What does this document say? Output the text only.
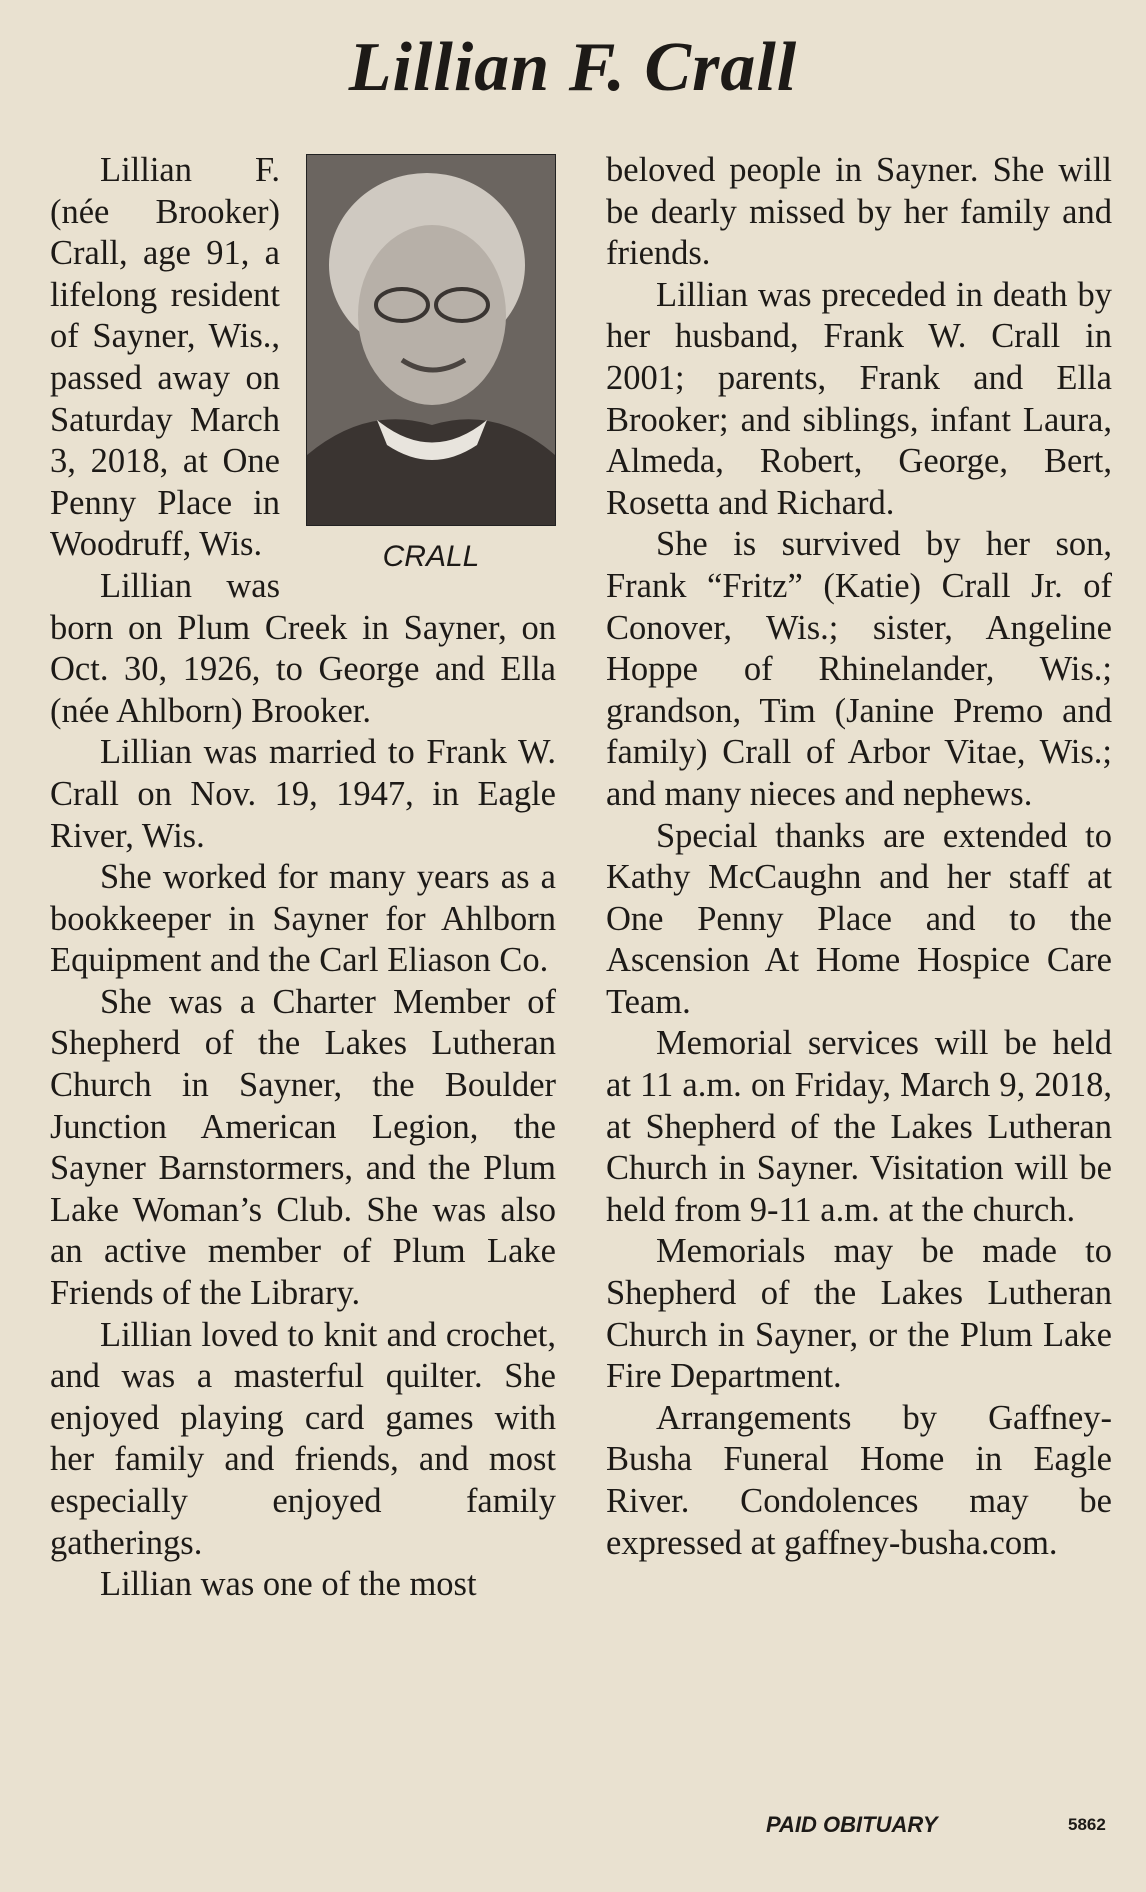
Lillian F. Crall
CRALL

Lillian F. (née Brooker) Crall, age 91, a lifelong resident of Sayner, Wis., passed away on Saturday March 3, 2018, at One Penny Place in Woodruff, Wis.

Lillian was born on Plum Creek in Sayner, on Oct. 30, 1926, to George and Ella (née Ahlborn) Brooker.

Lillian was married to Frank W. Crall on Nov. 19, 1947, in Eagle River, Wis.

She worked for many years as a bookkeeper in Sayner for Ahlborn Equipment and the Carl Eliason Co.

She was a Charter Member of Shepherd of the Lakes Lutheran Church in Sayner, the Boulder Junction American Legion, the Sayner Barnstormers, and the Plum Lake Woman’s Club. She was also an active member of Plum Lake Friends of the Library.

Lillian loved to knit and crochet, and was a masterful quilter. She enjoyed playing card games with her family and friends, and most especially enjoyed family gatherings.

Lillian was one of the most

beloved people in Sayner. She will be dearly missed by her family and friends.

Lillian was preceded in death by her husband, Frank W. Crall in 2001; parents, Frank and Ella Brooker; and siblings, infant Laura, Almeda, Robert, George, Bert, Rosetta and Richard.

She is survived by her son, Frank “Fritz” (Katie) Crall Jr. of Conover, Wis.; sister, Angeline Hoppe of Rhinelander, Wis.; grandson, Tim (Janine Premo and family) Crall of Arbor Vitae, Wis.; and many nieces and nephews.

Special thanks are extended to Kathy McCaughn and her staff at One Penny Place and to the Ascension At Home Hospice Care Team.

Memorial services will be held at 11 a.m. on Friday, March 9, 2018, at Shepherd of the Lakes Lutheran Church in Sayner. Visitation will be held from 9-11 a.m. at the church.

Memorials may be made to Shepherd of the Lakes Lutheran Church in Sayner, or the Plum Lake Fire Department.

Arrangements by Gaffney-Busha Funeral Home in Eagle River. Condolences may be expressed at gaffney-busha.com.

PAID OBITUARY	5862
